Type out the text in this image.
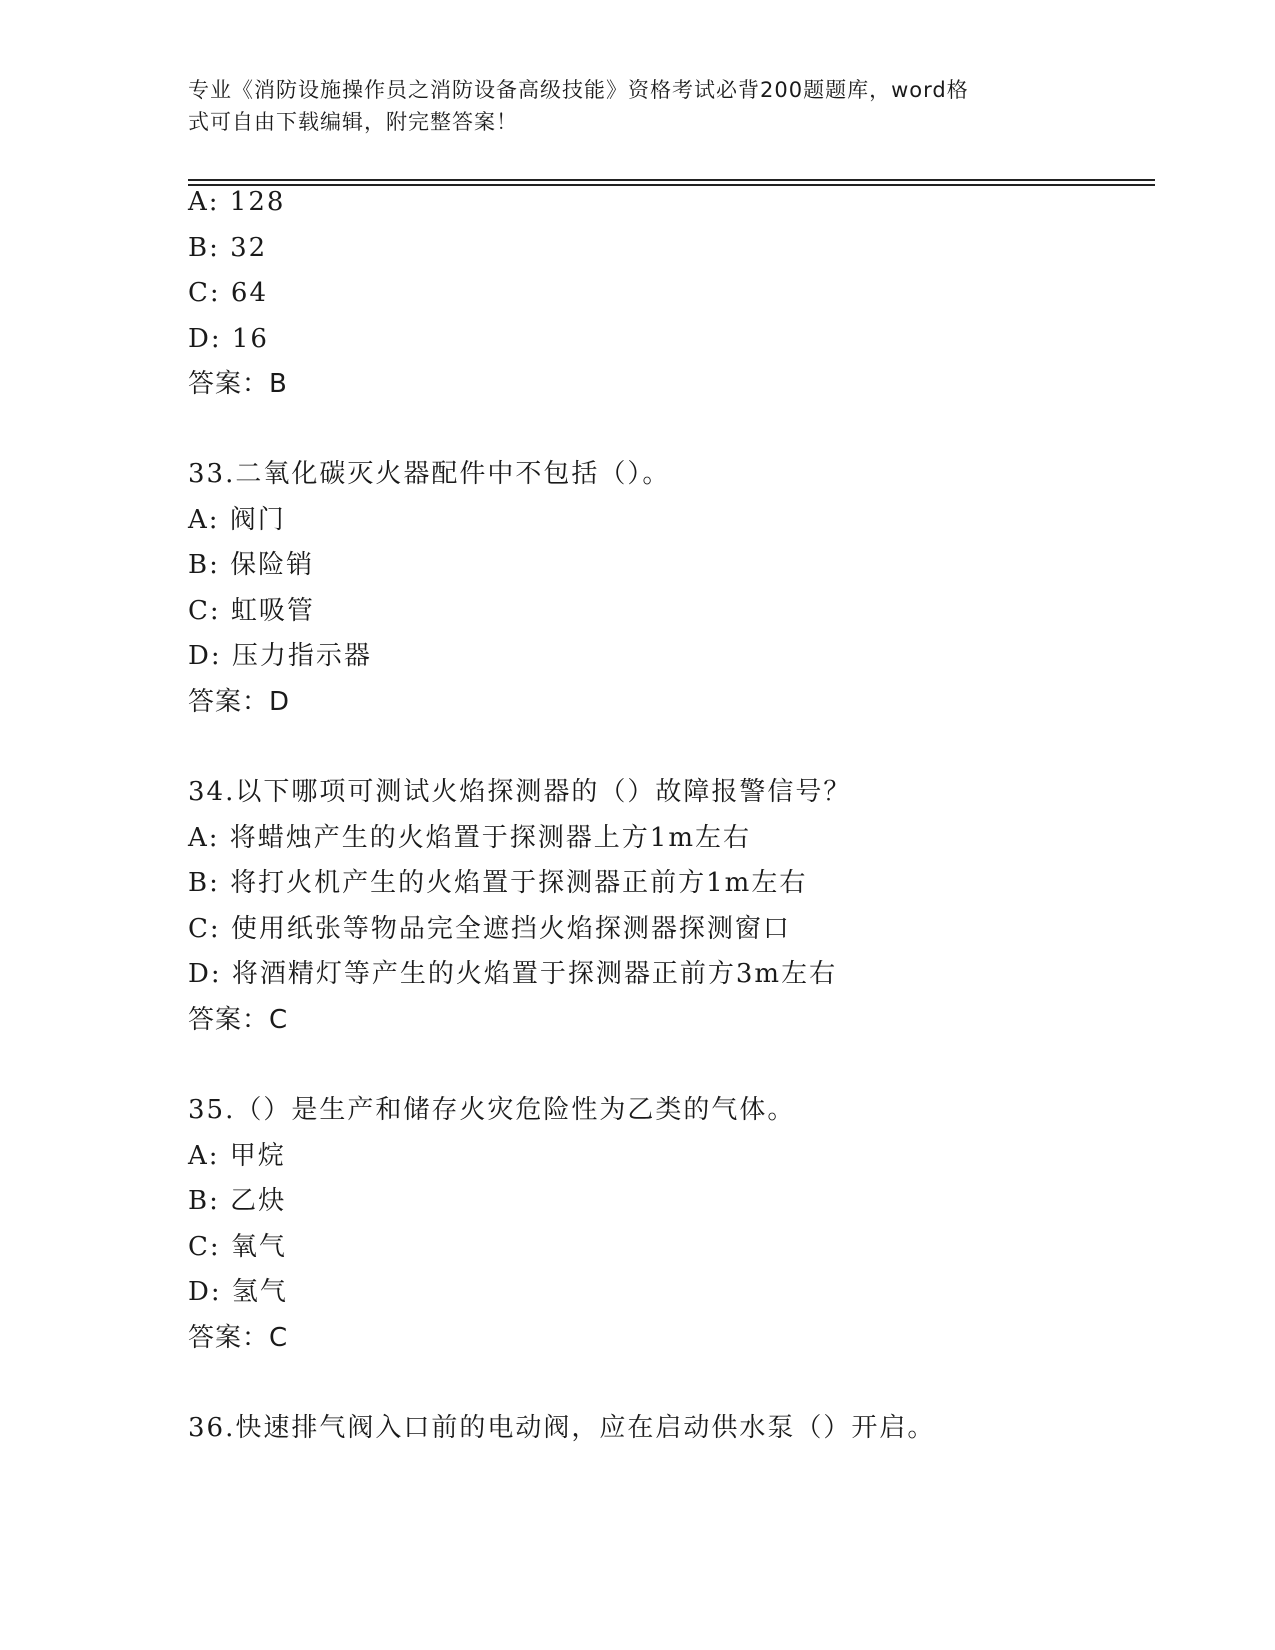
专业《消防设施操作员之消防设备高级技能》资格考试必背200题题库，word格
式可自由下载编辑，附完整答案！
A: 128
B: 32
C: 64
D: 16
答案：B
33.二氧化碳灭火器配件中不包括（）。
A: 阀门
B: 保险销
C: 虹吸管
D: 压力指示器
答案：D
34.以下哪项可测试火焰探测器的（）故障报警信号？
A: 将蜡烛产生的火焰置于探测器上方1m左右
B: 将打火机产生的火焰置于探测器正前方1m左右
C: 使用纸张等物品完全遮挡火焰探测器探测窗口
D: 将酒精灯等产生的火焰置于探测器正前方3m左右
答案：C
35.（）是生产和储存火灾危险性为乙类的气体。
A: 甲烷
B: 乙炔
C: 氧气
D: 氢气
答案：C
36.快速排气阀入口前的电动阀，应在启动供水泵（）开启。
